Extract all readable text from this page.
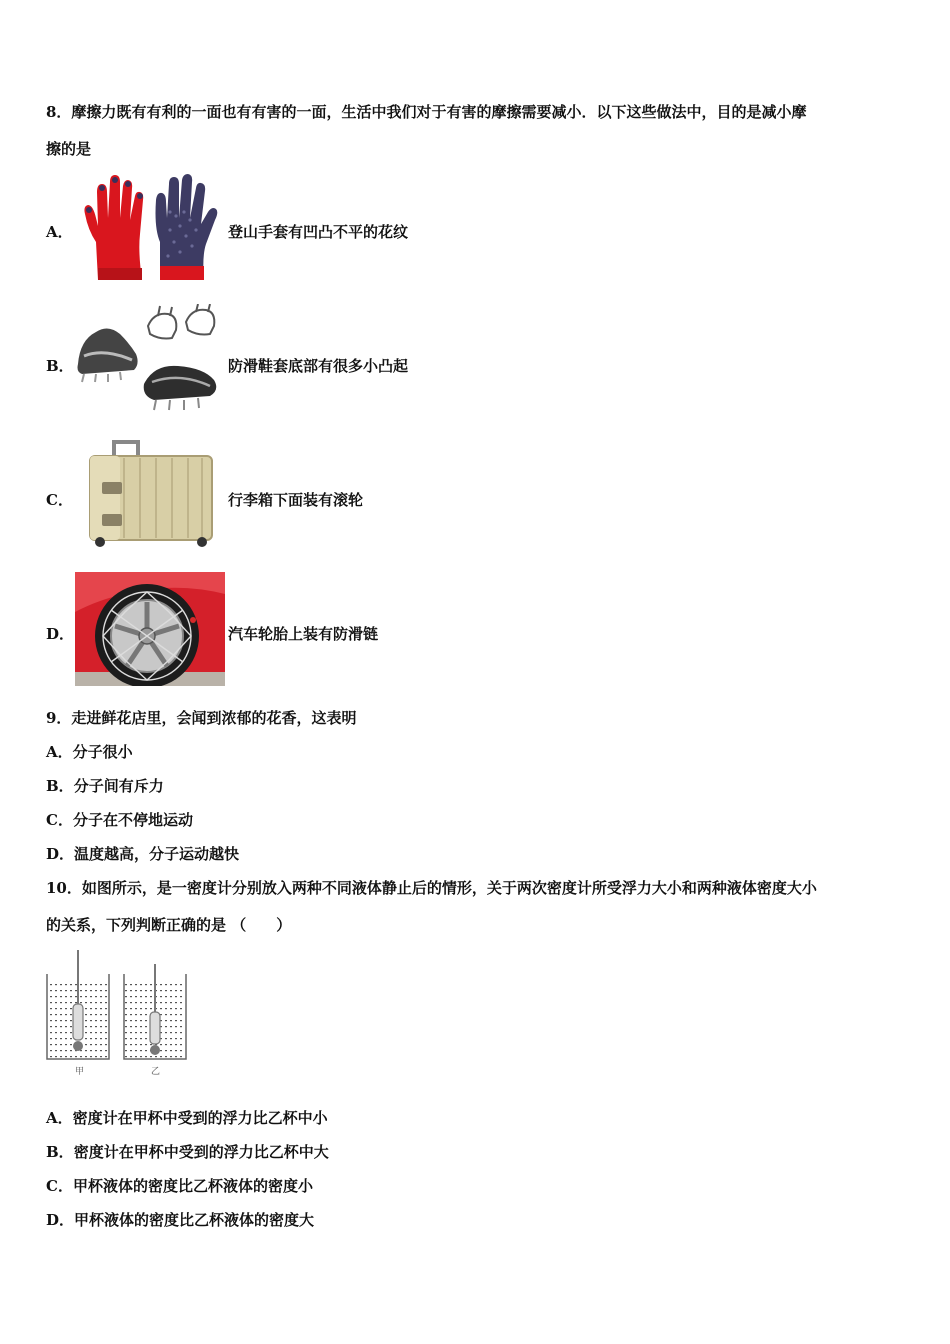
8．摩擦力既有有利的一面也有有害的一面，生活中我们对于有害的摩擦需要减小．以下这些做法中，目的是减小摩
擦的是
A．	登山手套有凹凸不平的花纹
B．	防滑鞋套底部有很多小凸起
C．	行李箱下面装有滚轮
D．	汽车轮胎上装有防滑链
9．走进鲜花店里，会闻到浓郁的花香，这表明
A．分子很小
B．分子间有斥力
C．分子在不停地运动
D．温度越高，分子运动越快
10．如图所示，是一密度计分别放入两种不同液体静止后的情形，关于两次密度计所受浮力大小和两种液体密度大小
的关系，下列判断正确的是 （　　）
甲	乙
A．密度计在甲杯中受到的浮力比乙杯中小
B．密度计在甲杯中受到的浮力比乙杯中大
C．甲杯液体的密度比乙杯液体的密度小
D．甲杯液体的密度比乙杯液体的密度大
